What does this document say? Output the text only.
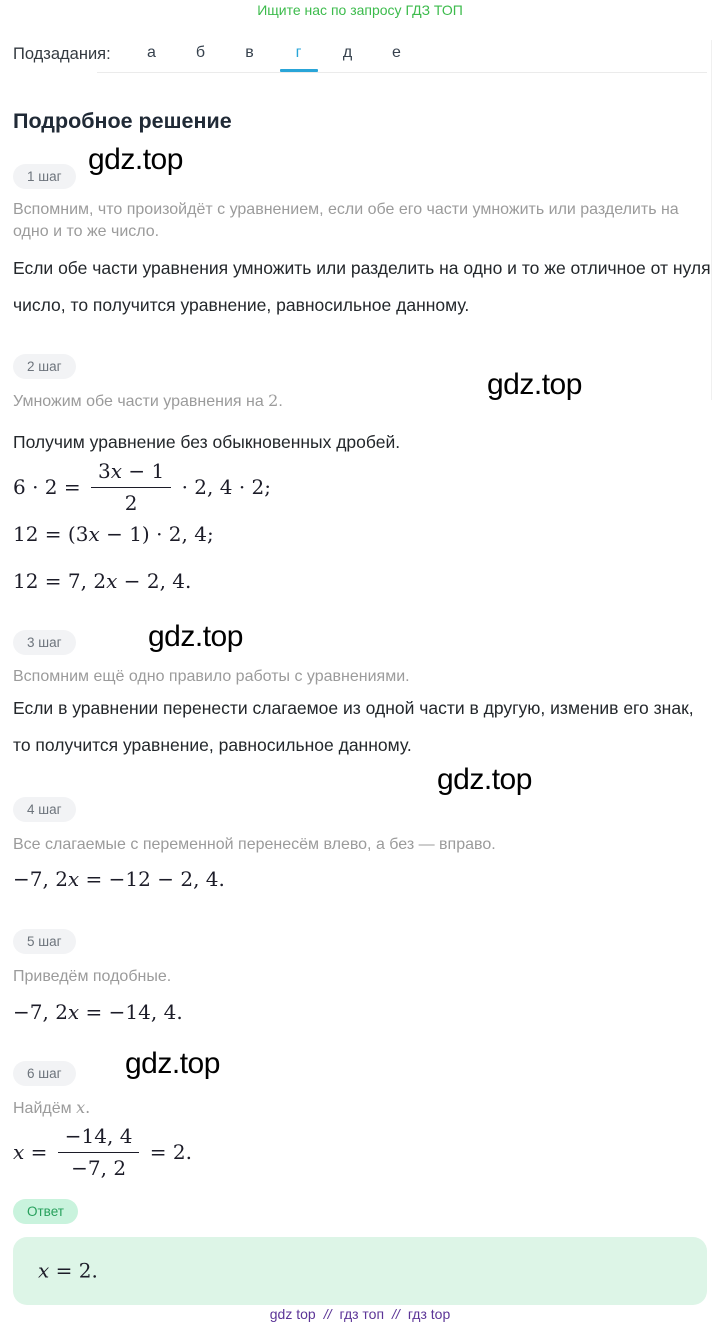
Ищите нас по запросу ГДЗ ТОП
Подзадания:	а	б	в	г	д	е
Подробное решение
gdz.top
gdz.top
gdz.top
gdz.top
gdz.top
1 шаг

Вспомним, что произойдёт с уравнением, если обе его части умножить или разделить на одно и то же число.

Если обе части уравнения умножить или разделить на одно и то же отличное от нуля число, то получится уравнение, равносильное данному.

2 шаг

Умножим обе части уравнения на 2.

Получим уравнение без обыкновенных дробей.

$6 \cdot 2 = \frac{3x - 1}{2} \cdot 2$, 4 · 2;
12 = (3x − 1) · 2, 4;
12 = 7, 2x − 2, 4.
3 шаг

Вспомним ещё одно правило работы с уравнениями.

Если в уравнении перенести слагаемое из одной части в другую, изменив его знак, то получится уравнение, равносильное данному.

4 шаг

Все слагаемые с переменной перенесём влево, а без — вправо.

−7, 2x = −12 − 2, 4.
5 шаг

Приведём подобные.

−7, 2x = −14, 4.
6 шаг

Найдём x.

$x = \frac{-14, 4}{-7, 2} = 2$.
Ответ
x = 2.
gdz top // гдз топ // гдз top
